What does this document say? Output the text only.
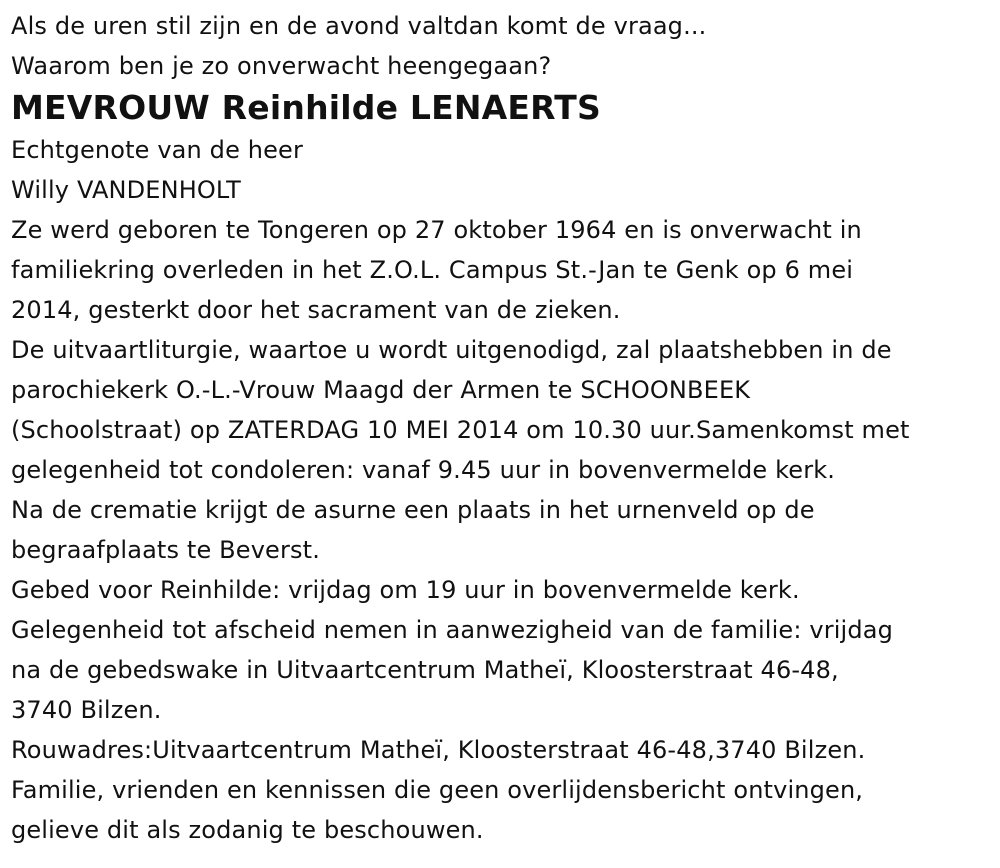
Als de uren stil zijn en de avond valtdan komt de vraag...
Waarom ben je zo onverwacht heengegaan?
MEVROUW Reinhilde LENAERTS
Echtgenote van de heer
Willy VANDENHOLT
Ze werd geboren te Tongeren op 27 oktober 1964 en is onverwacht in
familiekring overleden in het Z.O.L. Campus St.-Jan te Genk op 6 mei
2014, gesterkt door het sacrament van de zieken.
De uitvaartliturgie, waartoe u wordt uitgenodigd, zal plaatshebben in de
parochiekerk O.-L.-Vrouw Maagd der Armen te SCHOONBEEK
(Schoolstraat) op ZATERDAG 10 MEI 2014 om 10.30 uur.Samenkomst met
gelegenheid tot condoleren: vanaf 9.45 uur in bovenvermelde kerk.
Na de crematie krijgt de asurne een plaats in het urnenveld op de
begraafplaats te Beverst.
Gebed voor Reinhilde: vrijdag om 19 uur in bovenvermelde kerk.
Gelegenheid tot afscheid nemen in aanwezigheid van de familie: vrijdag
na de gebedswake in Uitvaartcentrum Matheï, Kloosterstraat 46-48,
3740 Bilzen.
Rouwadres:Uitvaartcentrum Matheï, Kloosterstraat 46-48,3740 Bilzen.
Familie, vrienden en kennissen die geen overlijdensbericht ontvingen,
gelieve dit als zodanig te beschouwen.
